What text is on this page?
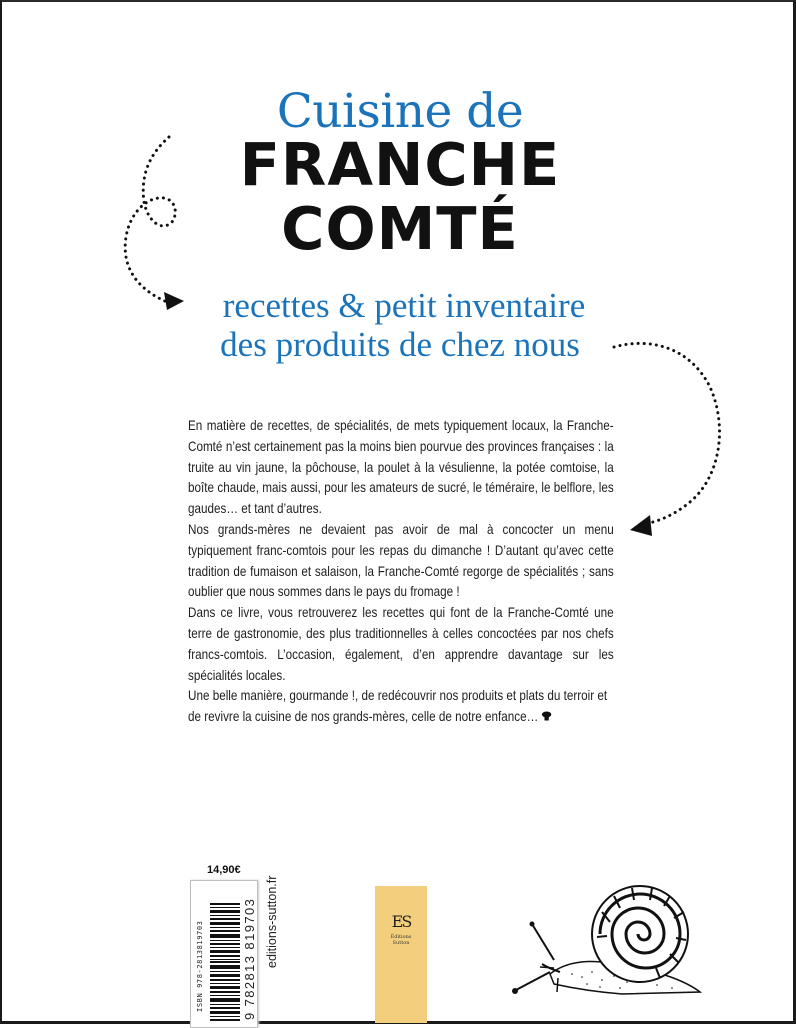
Cuisine de
FRANCHE
COMTÉ
recettes & petit inventaire
des produits de chez nous

En matière de recettes, de spécialités, de mets typiquement locaux, la Franche-Comté n’est certainement pas la moins bien pourvue des provinces françaises : la truite au vin jaune, la pôchouse, la poulet à la vésulienne, la potée comtoise, la boîte chaude, mais aussi, pour les amateurs de sucré, le téméraire, le belflore, les gaudes… et tant d’autres.

Nos grands-mères ne devaient pas avoir de mal à concocter un menu typiquement franc-comtois pour les repas du dimanche ! D’autant qu’avec cette tradition de fumaison et salaison, la Franche-Comté regorge de spécialités ; sans oublier que nous sommes dans le pays du fromage !

Dans ce livre, vous retrouverez les recettes qui font de la Franche-Comté une terre de gastronomie, des plus traditionnelles à celles concoctées par nos chefs francs-comtois. L’occasion, également, d’en apprendre davantage sur les spécialités locales.

Une belle manière, gourmande !, de redécouvrir nos produits et plats du terroir et de revivre la cuisine de nos grands-mères, celle de notre enfance…

14,90€
ISBN 978-2813819703	9 782813 819703 editions-sutton.fr	ES
Éditions
Sutton
